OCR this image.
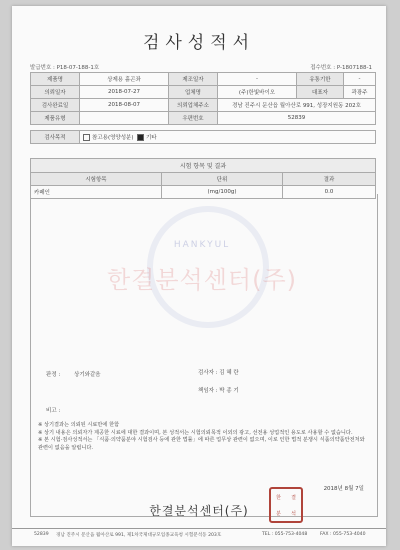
검사성적서
발급번호 : P18-07-188-1호	접수번호 : P-1807188-1
제품명	상제용 흙곤좌	제조일자	-	유통기한	-
의뢰일자	2018-07-27	업체명	(주)한빛바이오	대표자	곽광주
검사완료일	2018-08-07	의뢰업체주소	경남 진주시 문산읍 월아산로 991, 성장지원동 202호		
제품유형		우편번호	52839		

검사목적	참고용(영양성분) 기타				
시험 항목 및 결과		
시험항목	단위	결과
카페인	(mg/100g)	0.0
HANKYUL
한결분석센터(주)
판정 :	상기와같음	검사자 : 김 혜 란
책임자 : 박 종 기
비고 :
※ 상기결과는 의뢰된 시료만에 한함
※ 상기 내용은 의뢰자가 제공한 시료에 대한 결과이며, 본 성적서는 시험의뢰목적 이외의 광고, 선전용 성업적인 용도로 사용할 수 없습니다.
※ 본 시험·검사성적서는 「식품·의약품분야 시험검사 등에 관한 법률」에 따른 업무상 관련이 없으며, 이로 인한 법적 분쟁시 식품의약품안전처와 관련이 없음을 알립니다.
2018년 8월 7일
한결분석센터(주)
한	결
분	석
52839 경남 진주시 문산읍 월아산로 991, 제1차국제대규모업종교육청 시험분석동 203호	TEL : 055-753-4048	FAX : 055-753-4040
